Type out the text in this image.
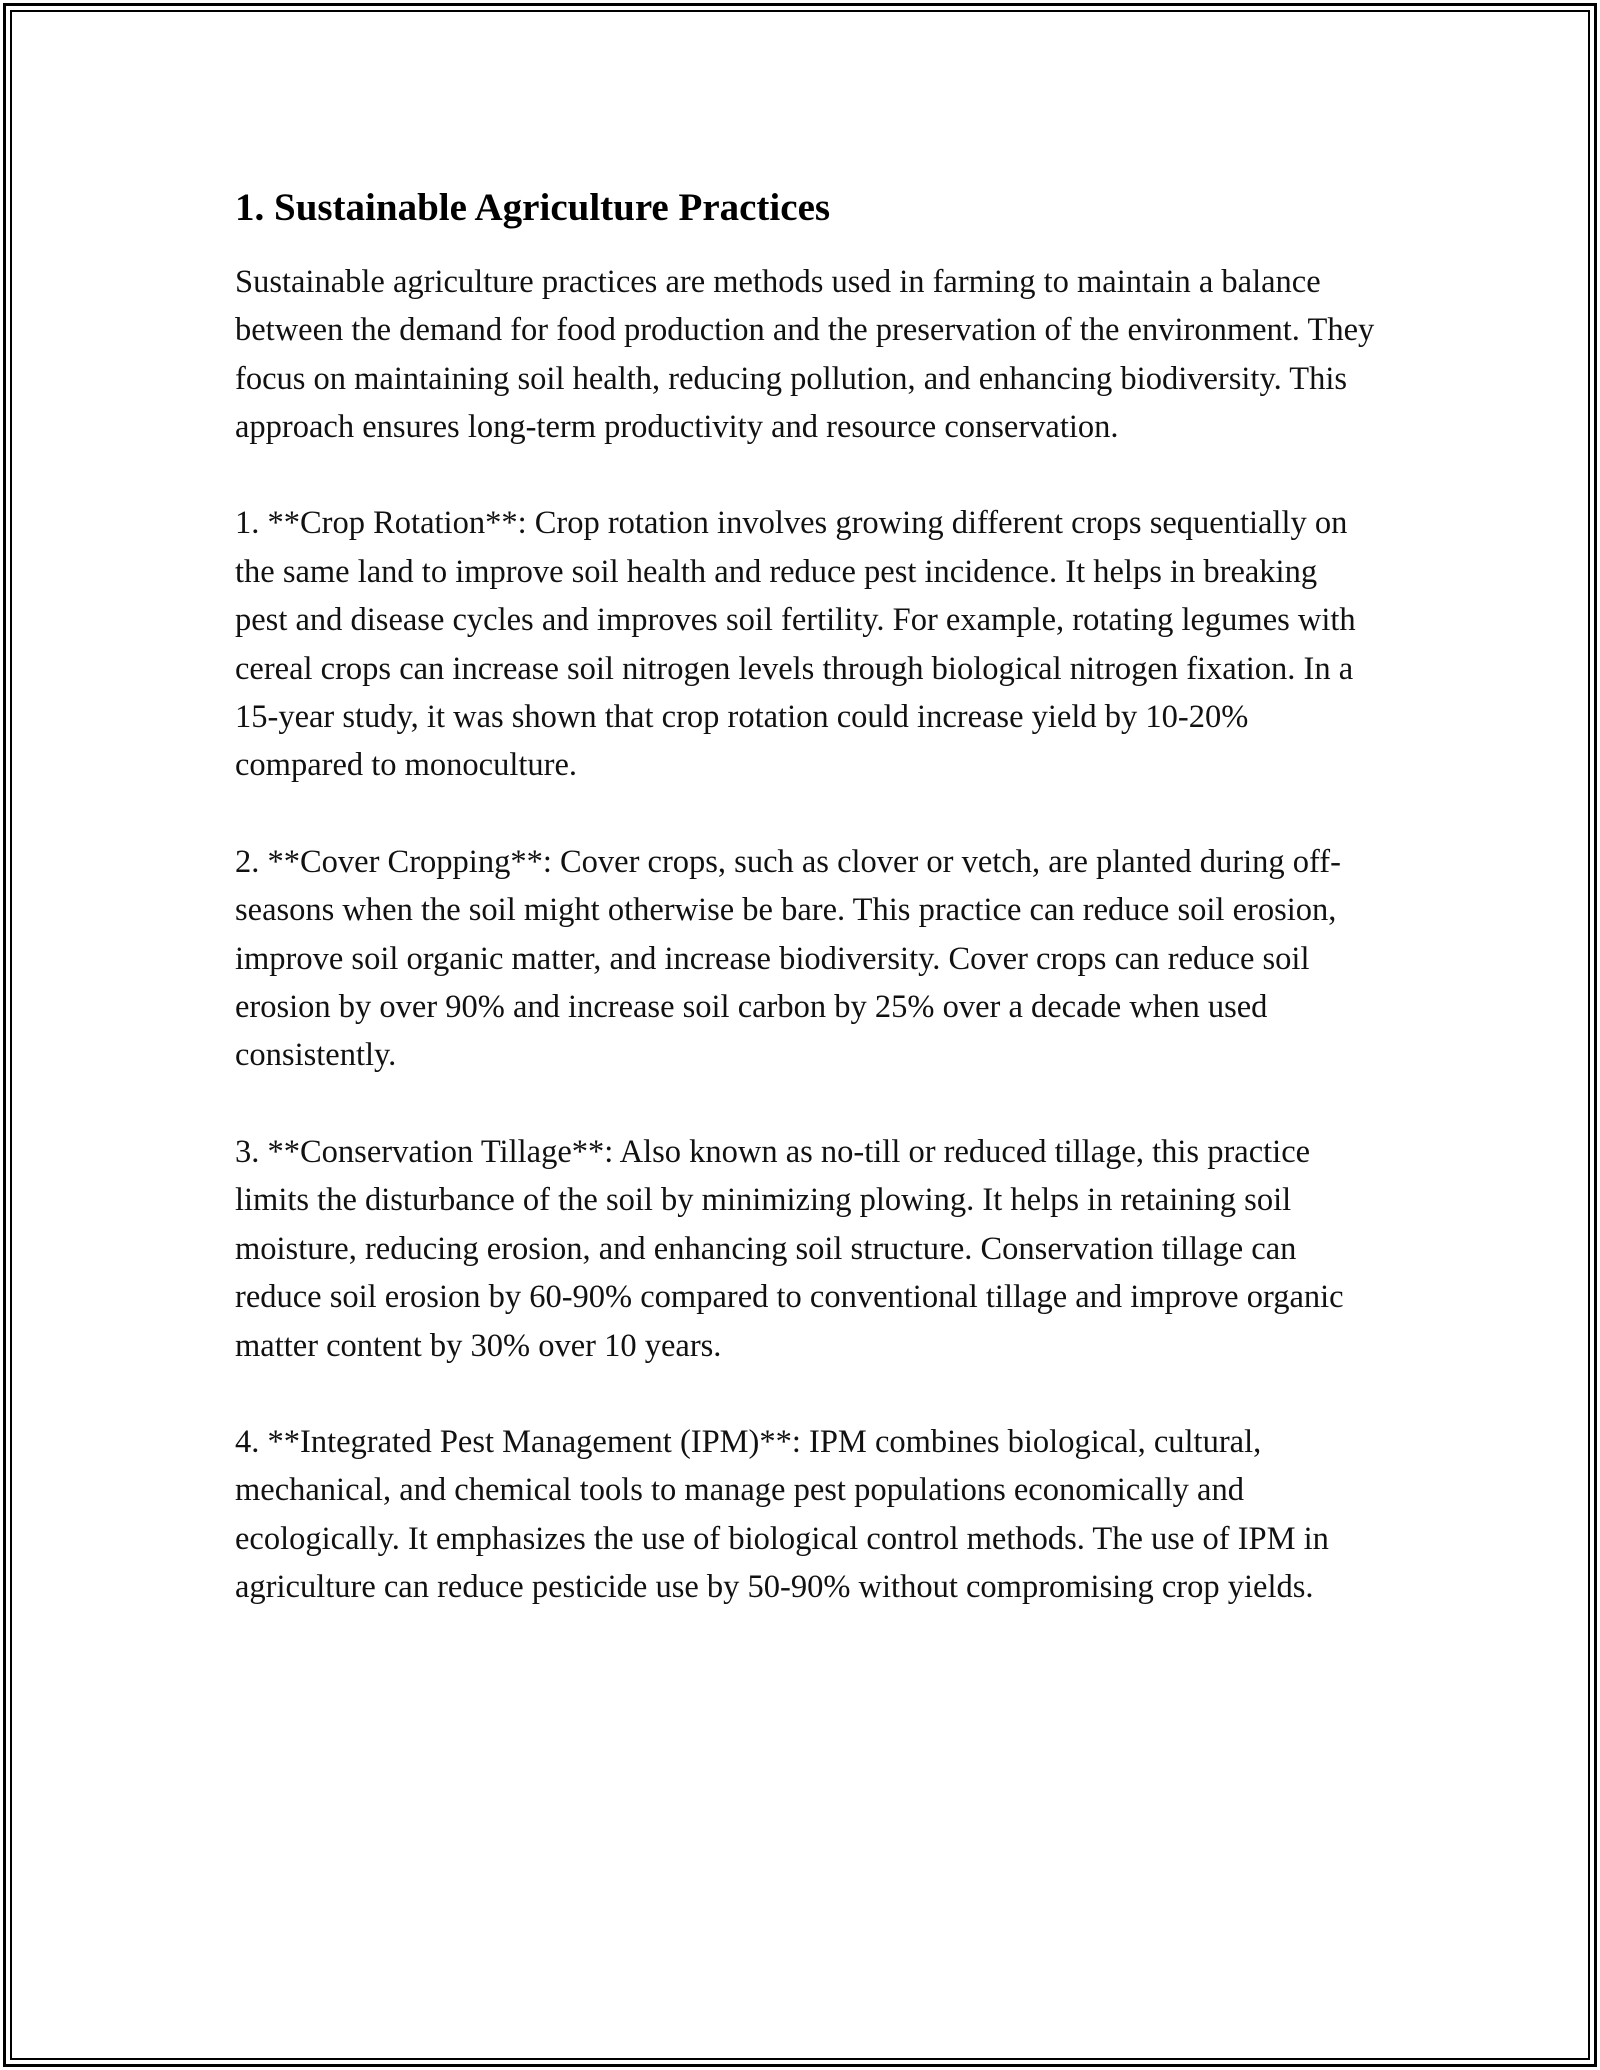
1. Sustainable Agriculture Practices

Sustainable agriculture practices are methods used in farming to maintain a balance between the demand for food production and the preservation of the environment. They focus on maintaining soil health, reducing pollution, and enhancing biodiversity. This approach ensures long-term productivity and resource conservation.

1. **Crop Rotation**: Crop rotation involves growing different crops sequentially on the same land to improve soil health and reduce pest incidence. It helps in breaking pest and disease cycles and improves soil fertility. For example, rotating legumes with cereal crops can increase soil nitrogen levels through biological nitrogen fixation. In a 15-year study, it was shown that crop rotation could increase yield by 10-20% compared to monoculture.

2. **Cover Cropping**: Cover crops, such as clover or vetch, are planted during off-seasons when the soil might otherwise be bare. This practice can reduce soil erosion, improve soil organic matter, and increase biodiversity. Cover crops can reduce soil erosion by over 90% and increase soil carbon by 25% over a decade when used consistently.

3. **Conservation Tillage**: Also known as no-till or reduced tillage, this practice limits the disturbance of the soil by minimizing plowing. It helps in retaining soil moisture, reducing erosion, and enhancing soil structure. Conservation tillage can reduce soil erosion by 60-90% compared to conventional tillage and improve organic matter content by 30% over 10 years.

4. **Integrated Pest Management (IPM)**: IPM combines biological, cultural, mechanical, and chemical tools to manage pest populations economically and ecologically. It emphasizes the use of biological control methods. The use of IPM in agriculture can reduce pesticide use by 50-90% without compromising crop yields.
